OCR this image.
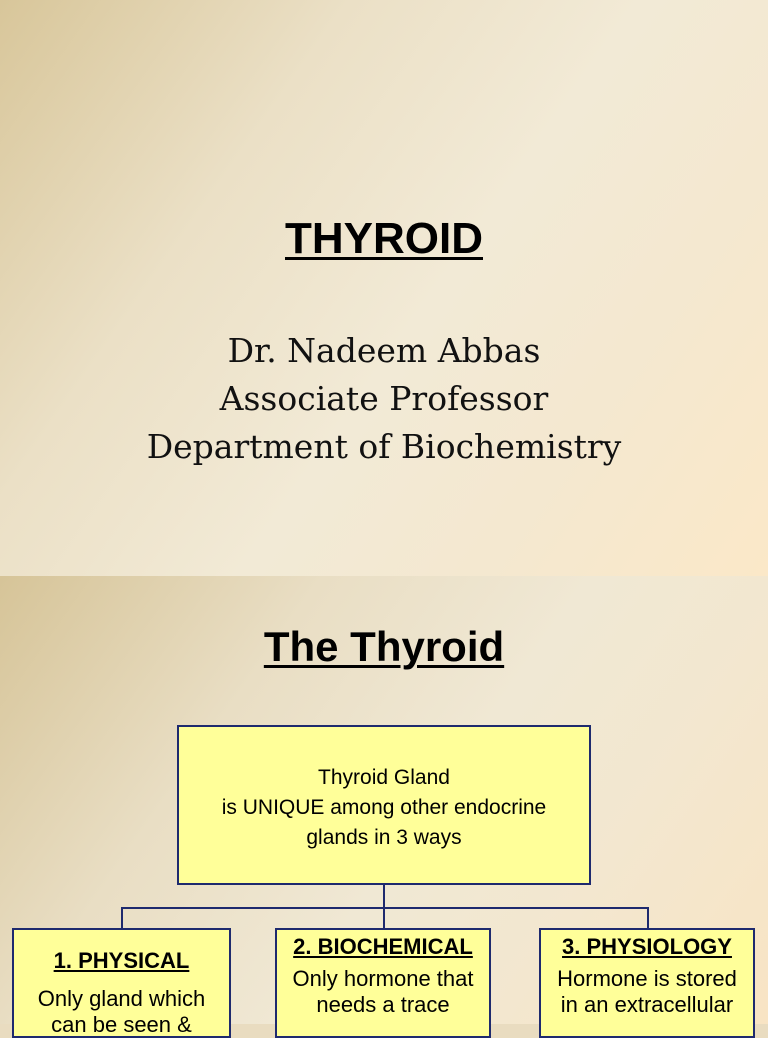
THYROID
Dr. Nadeem Abbas
Associate Professor
Department of Biochemistry
The Thyroid
Thyroid Gland
is UNIQUE among other endocrine
glands in 3 ways
1. PHYSICAL
Only gland which
can be seen &
2. BIOCHEMICAL
Only hormone that
needs a trace
3. PHYSIOLOGY
Hormone is stored
in an extracellular
